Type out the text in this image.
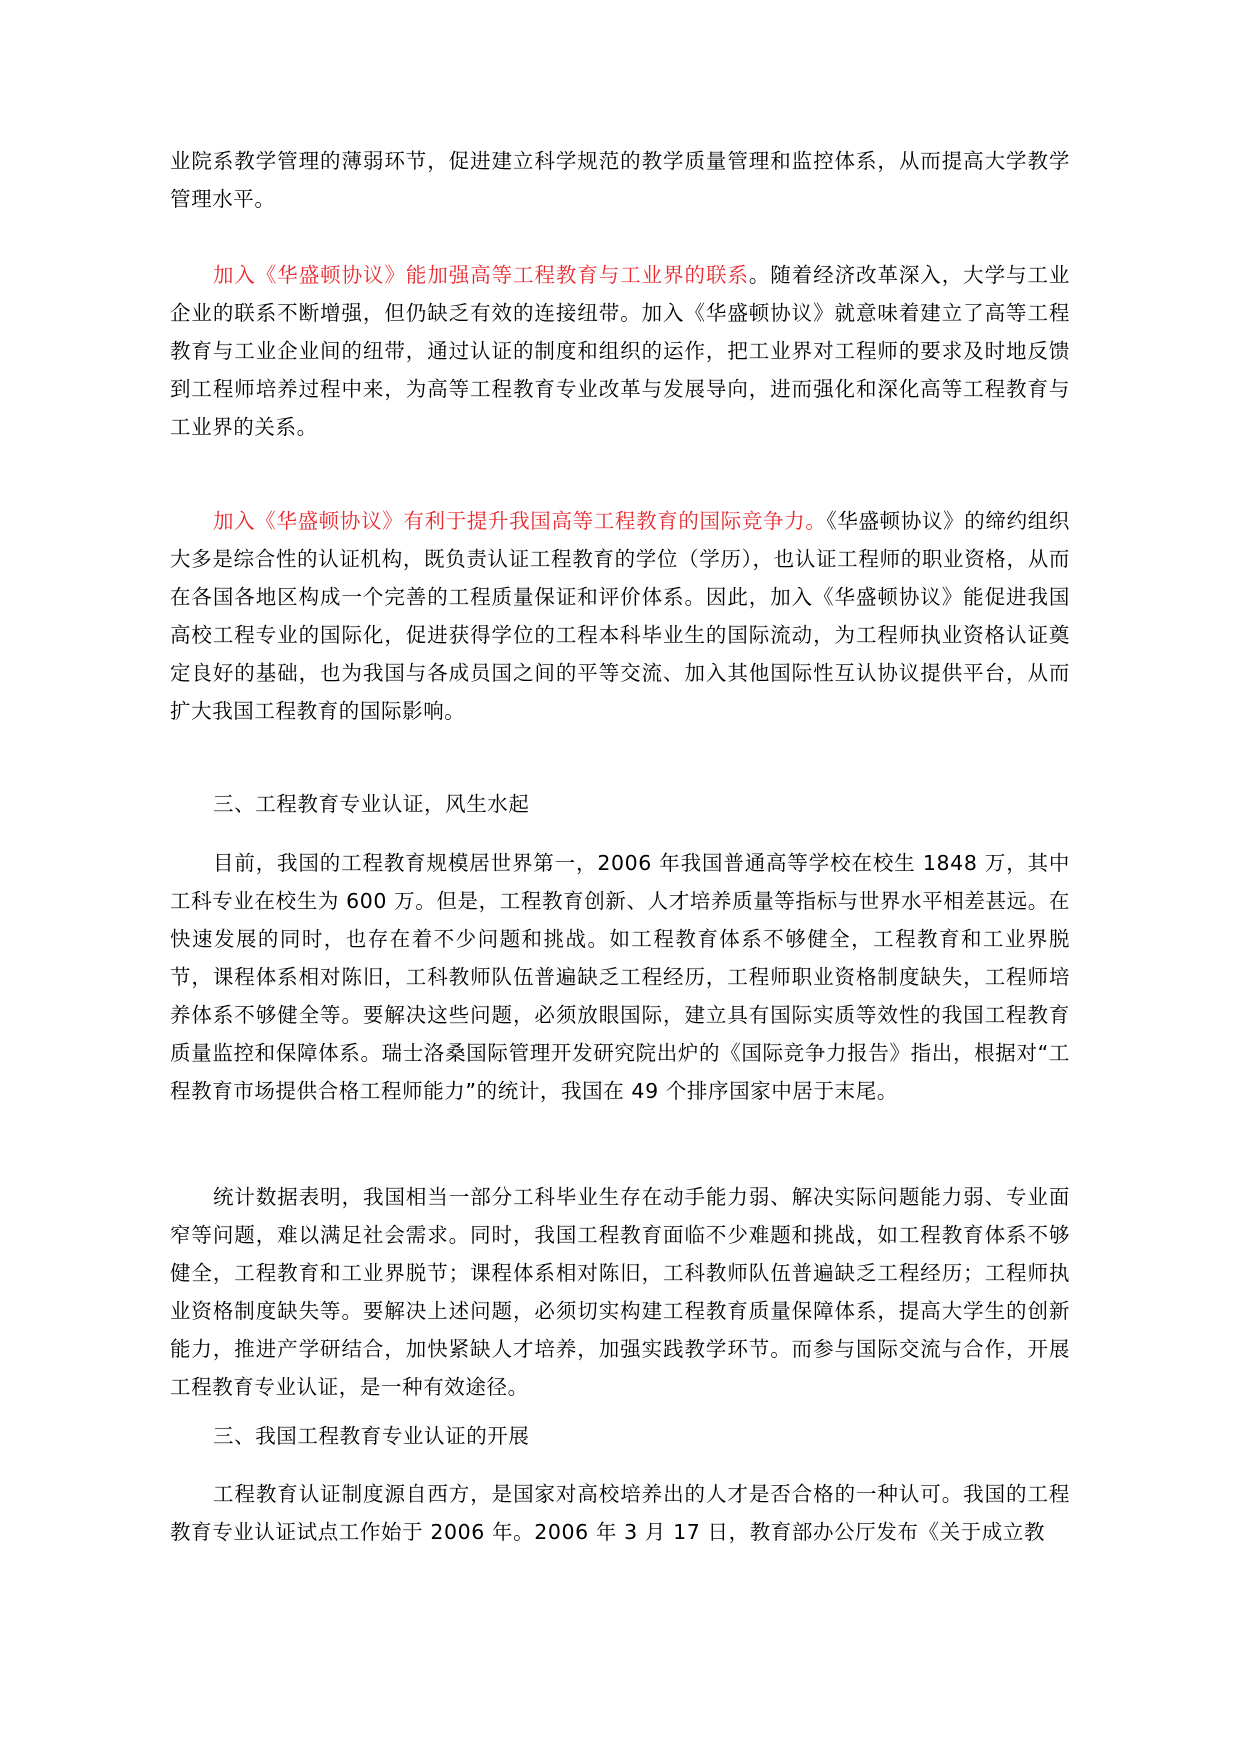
业院系教学管理的薄弱环节，促进建立科学规范的教学质量管理和监控体系，从而提高大学教学管理水平。

加入《华盛顿协议》能加强高等工程教育与工业界的联系。随着经济改革深入，大学与工业企业的联系不断增强，但仍缺乏有效的连接纽带。加入《华盛顿协议》就意味着建立了高等工程教育与工业企业间的纽带，通过认证的制度和组织的运作，把工业界对工程师的要求及时地反馈到工程师培养过程中来，为高等工程教育专业改革与发展导向，进而强化和深化高等工程教育与工业界的关系。

加入《华盛顿协议》有利于提升我国高等工程教育的国际竞争力。《华盛顿协议》的缔约组织大多是综合性的认证机构，既负责认证工程教育的学位（学历），也认证工程师的职业资格，从而在各国各地区构成一个完善的工程质量保证和评价体系。因此，加入《华盛顿协议》能促进我国高校工程专业的国际化，促进获得学位的工程本科毕业生的国际流动，为工程师执业资格认证奠定良好的基础，也为我国与各成员国之间的平等交流、加入其他国际性互认协议提供平台，从而扩大我国工程教育的国际影响。

三、工程教育专业认证，风生水起

目前，我国的工程教育规模居世界第一，2006 年我国普通高等学校在校生 1848 万，其中工科专业在校生为 600 万。但是，工程教育创新、人才培养质量等指标与世界水平相差甚远。在快速发展的同时，也存在着不少问题和挑战。如工程教育体系不够健全，工程教育和工业界脱节，课程体系相对陈旧，工科教师队伍普遍缺乏工程经历，工程师职业资格制度缺失，工程师培养体系不够健全等。要解决这些问题，必须放眼国际，建立具有国际实质等效性的我国工程教育质量监控和保障体系。瑞士洛桑国际管理开发研究院出炉的《国际竞争力报告》指出，根据对“工程教育市场提供合格工程师能力”的统计，我国在 49 个排序国家中居于末尾。

统计数据表明，我国相当一部分工科毕业生存在动手能力弱、解决实际问题能力弱、专业面窄等问题，难以满足社会需求。同时，我国工程教育面临不少难题和挑战，如工程教育体系不够健全，工程教育和工业界脱节；课程体系相对陈旧，工科教师队伍普遍缺乏工程经历；工程师执业资格制度缺失等。要解决上述问题，必须切实构建工程教育质量保障体系，提高大学生的创新能力，推进产学研结合，加快紧缺人才培养，加强实践教学环节。而参与国际交流与合作，开展工程教育专业认证，是一种有效途径。

三、我国工程教育专业认证的开展

工程教育认证制度源自西方，是国家对高校培养出的人才是否合格的一种认可。我国的工程教育专业认证试点工作始于 2006 年。2006 年 3 月 17 日，教育部办公厅发布《关于成立教
